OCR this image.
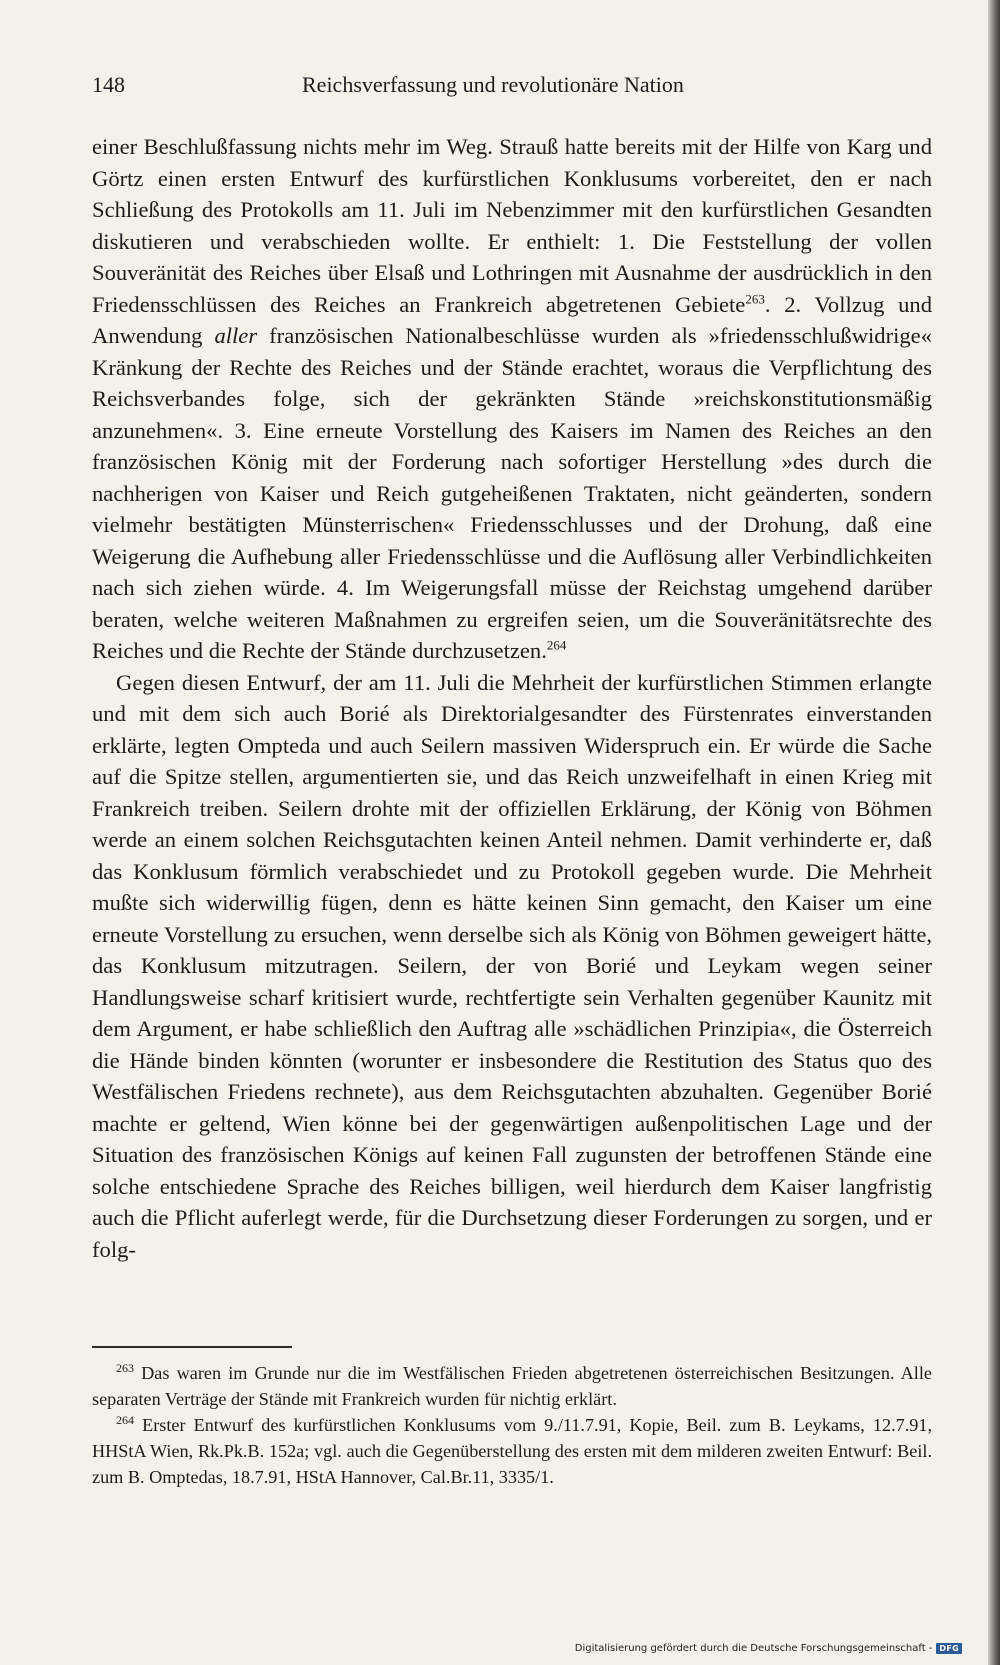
148	Reichsverfassung und revolutionäre Nation

einer Beschlußfassung nichts mehr im Weg. Strauß hatte bereits mit der Hilfe von Karg und Görtz einen ersten Entwurf des kurfürstlichen Konklusums vorbereitet, den er nach Schließung des Protokolls am 11. Juli im Nebenzimmer mit den kurfürstlichen Gesandten diskutieren und verabschieden wollte. Er enthielt: 1. Die Feststellung der vollen Souveränität des Reiches über Elsaß und Lothringen mit Ausnahme der ausdrücklich in den Friedensschlüssen des Reiches an Frankreich abgetretenen Gebiete$^{263}$. 2. Vollzug und Anwendung aller französischen Nationalbeschlüsse wurden als »friedensschlußwidrige« Kränkung der Rechte des Reiches und der Stände erachtet, woraus die Verpflichtung des Reichsverbandes folge, sich der gekränkten Stände »reichskonstitutionsmäßig anzunehmen«. 3. Eine erneute Vorstellung des Kaisers im Namen des Reiches an den französischen König mit der Forderung nach sofortiger Herstellung »des durch die nachherigen von Kaiser und Reich gutgeheißenen Traktaten, nicht geänderten, sondern vielmehr bestätigten Münsterrischen« Friedensschlusses und der Drohung, daß eine Weigerung die Aufhebung aller Friedensschlüsse und die Auflösung aller Verbindlichkeiten nach sich ziehen würde. 4. Im Weigerungsfall müsse der Reichstag umgehend darüber beraten, welche weiteren Maßnahmen zu ergreifen seien, um die Souveränitätsrechte des Reiches und die Rechte der Stände durchzusetzen.$^{264}$

Gegen diesen Entwurf, der am 11. Juli die Mehrheit der kurfürstlichen Stimmen erlangte und mit dem sich auch Borié als Direktorialgesandter des Fürstenrates einverstanden erklärte, legten Ompteda und auch Seilern massiven Widerspruch ein. Er würde die Sache auf die Spitze stellen, argumentierten sie, und das Reich unzweifelhaft in einen Krieg mit Frankreich treiben. Seilern drohte mit der offiziellen Erklärung, der König von Böhmen werde an einem solchen Reichsgutachten keinen Anteil nehmen. Damit verhinderte er, daß das Konklusum förmlich verabschiedet und zu Protokoll gegeben wurde. Die Mehrheit mußte sich widerwillig fügen, denn es hätte keinen Sinn gemacht, den Kaiser um eine erneute Vorstellung zu ersuchen, wenn derselbe sich als König von Böhmen geweigert hätte, das Konklusum mitzutragen. Seilern, der von Borié und Leykam wegen seiner Handlungsweise scharf kritisiert wurde, rechtfertigte sein Verhalten gegenüber Kaunitz mit dem Argument, er habe schließlich den Auftrag alle »schädlichen Prinzipia«, die Österreich die Hände binden könnten (worunter er insbesondere die Restitution des Status quo des Westfälischen Friedens rechnete), aus dem Reichsgutachten abzuhalten. Gegenüber Borié machte er geltend, Wien könne bei der gegenwärtigen außenpolitischen Lage und der Situation des französischen Königs auf keinen Fall zugunsten der betroffenen Stände eine solche entschiedene Sprache des Reiches billigen, weil hierdurch dem Kaiser langfristig auch die Pflicht auferlegt werde, für die Durchsetzung dieser Forderungen zu sorgen, und er folg-

$^{263}$ Das waren im Grunde nur die im Westfälischen Frieden abgetretenen österreichischen Besitzungen. Alle separaten Verträge der Stände mit Frankreich wurden für nichtig erklärt.

$^{264}$ Erster Entwurf des kurfürstlichen Konklusums vom 9./11.7.91, Kopie, Beil. zum B. Leykams, 12.7.91, HHStA Wien, Rk.Pk.B. 152a; vgl. auch die Gegenüberstellung des ersten mit dem milderen zweiten Entwurf: Beil. zum B. Omptedas, 18.7.91, HStA Hannover, Cal.Br.11, 3335/1.

Digitalisierung gefördert durch die Deutsche Forschungsgemeinschaft - DFG
